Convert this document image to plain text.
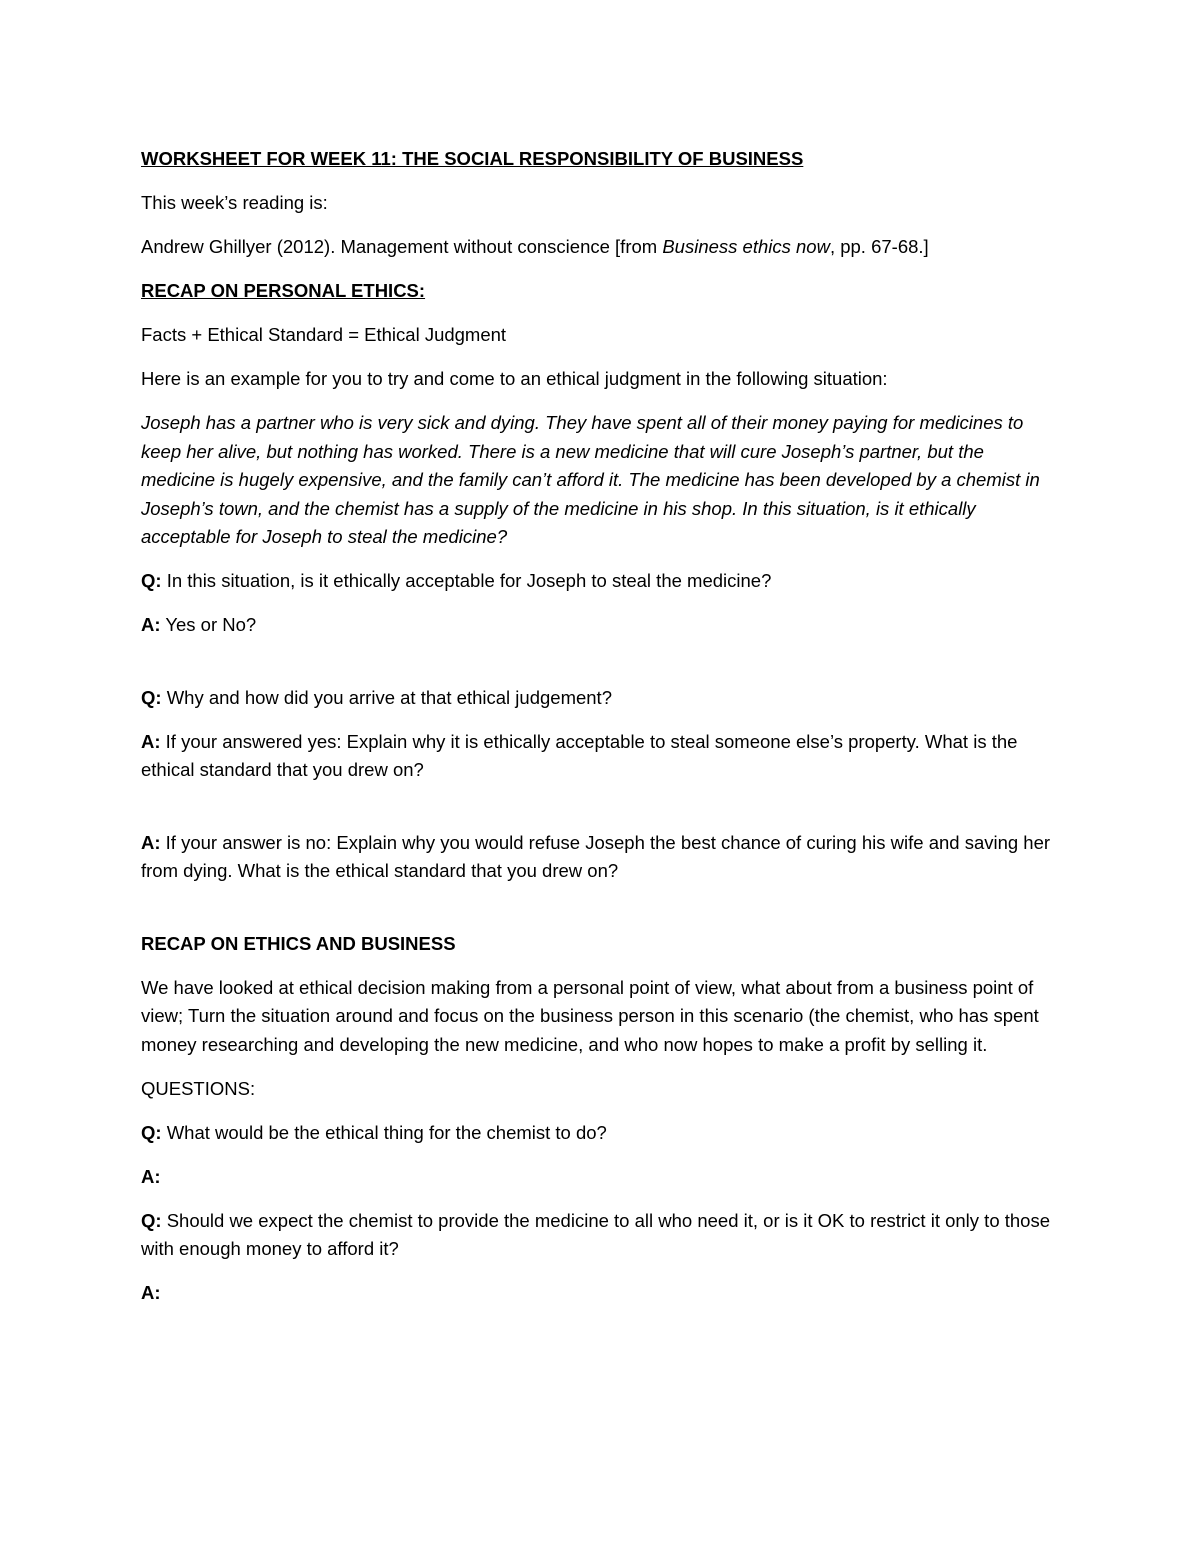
WORKSHEET FOR WEEK 11: THE SOCIAL RESPONSIBILITY OF BUSINESS

This week’s reading is:

Andrew Ghillyer (2012). Management without conscience [from Business ethics now, pp. 67-68.]

RECAP ON PERSONAL ETHICS:

Facts + Ethical Standard = Ethical Judgment

Here is an example for you to try and come to an ethical judgment in the following situation:

Joseph has a partner who is very sick and dying. They have spent all of their money paying for medicines to keep her alive, but nothing has worked. There is a new medicine that will cure Joseph’s partner, but the medicine is hugely expensive, and the family can’t afford it. The medicine has been developed by a chemist in Joseph’s town, and the chemist has a supply of the medicine in his shop. In this situation, is it ethically acceptable for Joseph to steal the medicine?

Q: In this situation, is it ethically acceptable for Joseph to steal the medicine?

A: Yes or No?

Q: Why and how did you arrive at that ethical judgement?

A: If your answered yes: Explain why it is ethically acceptable to steal someone else’s property. What is the ethical standard that you drew on?

A: If your answer is no: Explain why you would refuse Joseph the best chance of curing his wife and saving her from dying. What is the ethical standard that you drew on?

RECAP ON ETHICS AND BUSINESS

We have looked at ethical decision making from a personal point of view, what about from a business point of view; Turn the situation around and focus on the business person in this scenario (the chemist, who has spent money researching and developing the new medicine, and who now hopes to make a profit by selling it.

QUESTIONS:

Q: What would be the ethical thing for the chemist to do?

A:

Q: Should we expect the chemist to provide the medicine to all who need it, or is it OK to restrict it only to those with enough money to afford it?

A:
